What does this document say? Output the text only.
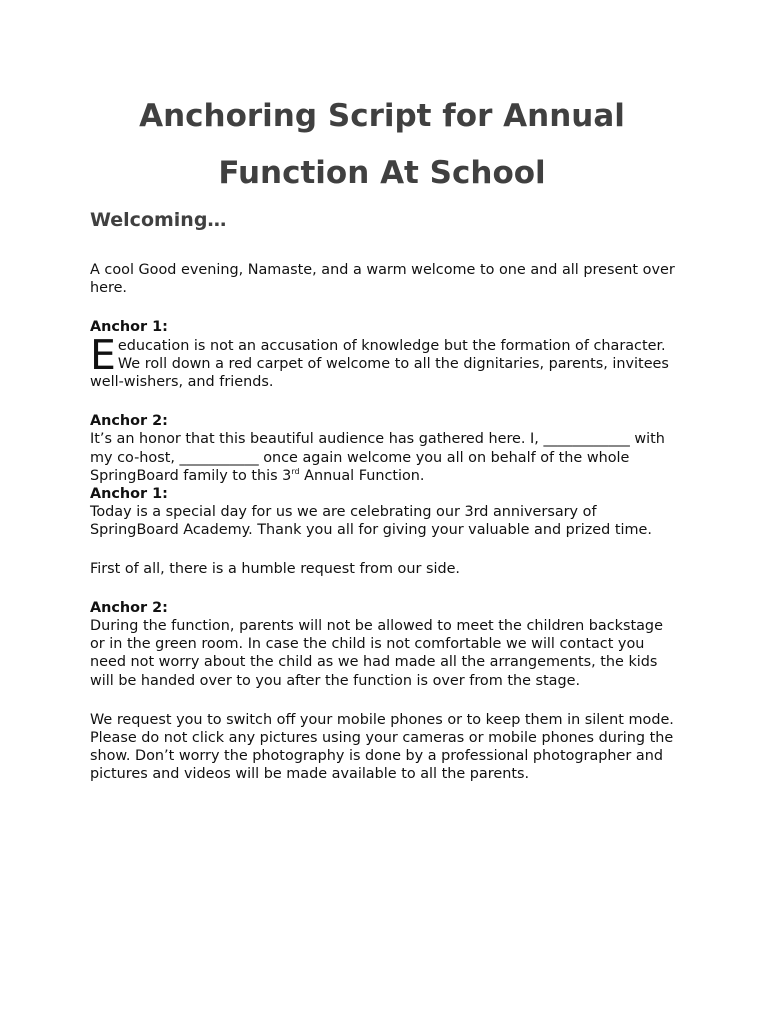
Anchoring Script for Annual
Function At School
Welcoming…

A cool Good evening, Namaste, and a warm welcome to one and all present over here.

Anchor 1:

Eeducation is not an accusation of knowledge but the formation of character. We roll down a red carpet of welcome to all the dignitaries, parents, invitees well-wishers, and friends.

Anchor 2:

It’s an honor that this beautiful audience has gathered here. I, ____________ with my co-host, ___________ once again welcome you all on behalf of the whole SpringBoard family to this 3rd Annual Function.

Anchor 1:

Today is a special day for us we are celebrating our 3rd anniversary of SpringBoard Academy. Thank you all for giving your valuable and prized time.

First of all, there is a humble request from our side.

Anchor 2:

During the function, parents will not be allowed to meet the children backstage or in the green room. In case the child is not comfortable we will contact you need not worry about the child as we had made all the arrangements, the kids will be handed over to you after the function is over from the stage.

We request you to switch off your mobile phones or to keep them in silent mode. Please do not click any pictures using your cameras or mobile phones during the show. Don’t worry the photography is done by a professional photographer and pictures and videos will be made available to all the parents.
